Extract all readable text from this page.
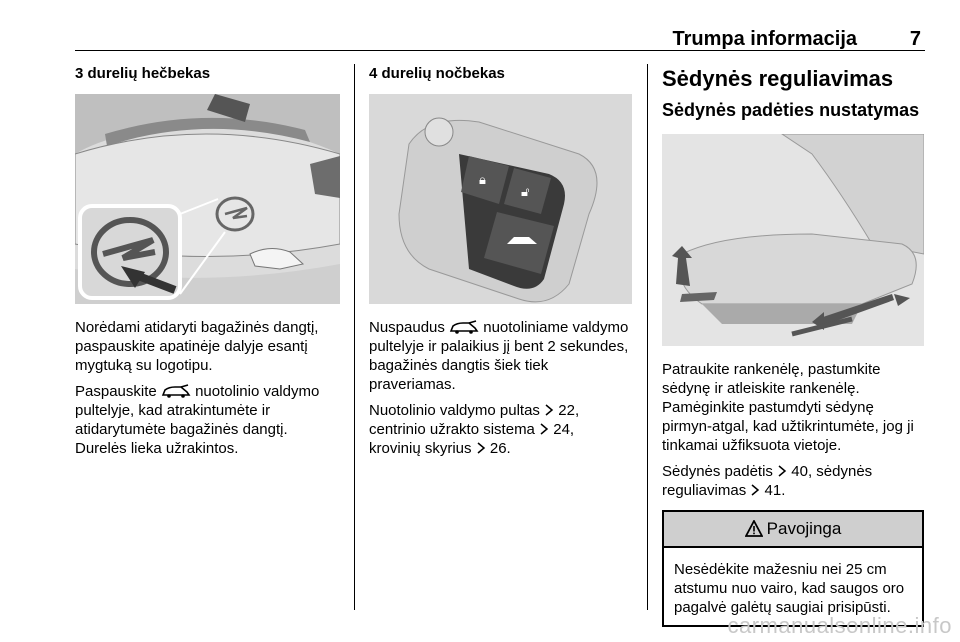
Trumpa informacija	7
3 durelių hečbekas

Norėdami atidaryti bagažinės dangtį, paspauskite apatinėje dalyje esantį mygtuką su logotipu.

Paspauskite	nuotolinio valdymo pultelyje, kad atrakintumėte ir atidarytumėte bagažinės dangtį.
Durelės lieka užrakintos.

4 durelių nočbekas
🔒︎
🔓︎

Nuspaudus	nuotoliniame valdymo pultelyje ir palaikius jį bent 2 sekundes, bagažinės dangtis šiek tiek praveriamas.

Nuotolinio valdymo pultas 22,
centrinio užrakto sistema 24,
krovinių skyrius 26.

Sėdynės reguliavimas
Sėdynės padėties nustatymas

Patraukite rankenėlę, pastumkite sėdynę ir atleiskite rankenėlę.

Pamėginkite pastumdyti sėdynę pirmyn-atgal, kad užtikrintumėte, jog ji tinkamai užfiksuota vietoje.

Sėdynės padėtis 40, sėdynės reguliavimas 41.

Pavojinga
Nesėdėkite mažesniu nei 25 cm atstumu nuo vairo, kad saugos oro pagalvė galėtų saugiai prisipūsti.
carmanualsonline.info
